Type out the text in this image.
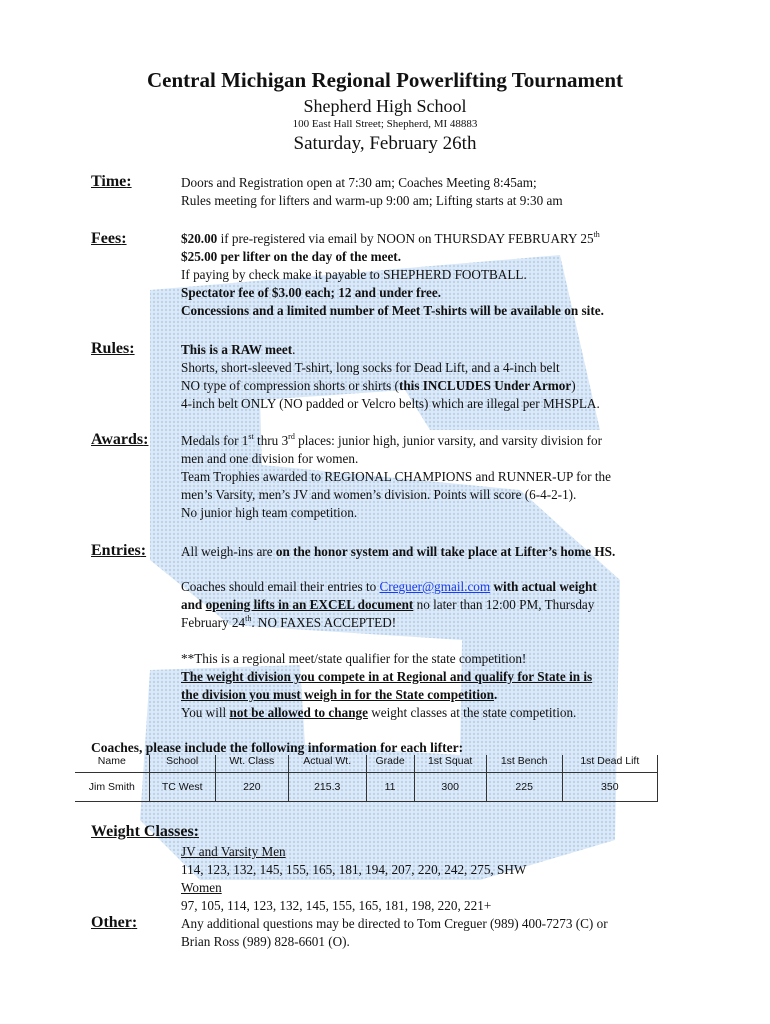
Central Michigan Regional Powerlifting Tournament
Shepherd High School
100 East Hall Street; Shepherd, MI 48883
Saturday, February 26th
Time:	Doors and Registration open at 7:30 am; Coaches Meeting 8:45am;
Rules meeting for lifters and warm-up 9:00 am; Lifting starts at 9:30 am
Fees:	$20.00 if pre-registered via email by NOON on THURSDAY FEBRUARY 25th
$25.00 per lifter on the day of the meet.
If paying by check make it payable to SHEPHERD FOOTBALL.
Spectator fee of $3.00 each; 12 and under free.
Concessions and a limited number of Meet T-shirts will be available on site.
Rules:	This is a RAW meet.
Shorts, short-sleeved T-shirt, long socks for Dead Lift, and a 4-inch belt
NO type of compression shorts or shirts (this INCLUDES Under Armor)
4-inch belt ONLY (NO padded or Velcro belts) which are illegal per MHSPLA.
Awards: Medals for 1st thru 3rd places: junior high, junior varsity, and varsity division for
men and one division for women.
Team Trophies awarded to REGIONAL CHAMPIONS and RUNNER-UP for the
men’s Varsity, men’s JV and women’s division. Points will score (6-4-2-1).
No junior high team competition.
Entries:	All weigh-ins are on the honor system and will take place at Lifter’s home HS.
Coaches should email their entries to Creguer@gmail.com with actual weight
and opening lifts in an EXCEL document no later than 12:00 PM, Thursday
February 24th. NO FAXES ACCEPTED!
**This is a regional meet/state qualifier for the state competition!
The weight division you compete in at Regional and qualify for State in is
the division you must weigh in for the State competition.
You will not be allowed to change weight classes at the state competition.
Coaches, please include the following information for each lifter:
Name	School	Wt. Class	Actual Wt.	Grade	1st Squat	1st Bench	1st Dead Lift
Jim Smith	TC West	220	215.3	11	300	225	350
Weight Classes:
JV and Varsity Men
114, 123, 132, 145, 155, 165, 181, 194, 207, 220, 242, 275, SHW
Women
97, 105, 114, 123, 132, 145, 155, 165, 181, 198, 220, 221+
Other:	Any additional questions may be directed to Tom Creguer (989) 400-7273 (C) or
Brian Ross (989) 828-6601 (O).
